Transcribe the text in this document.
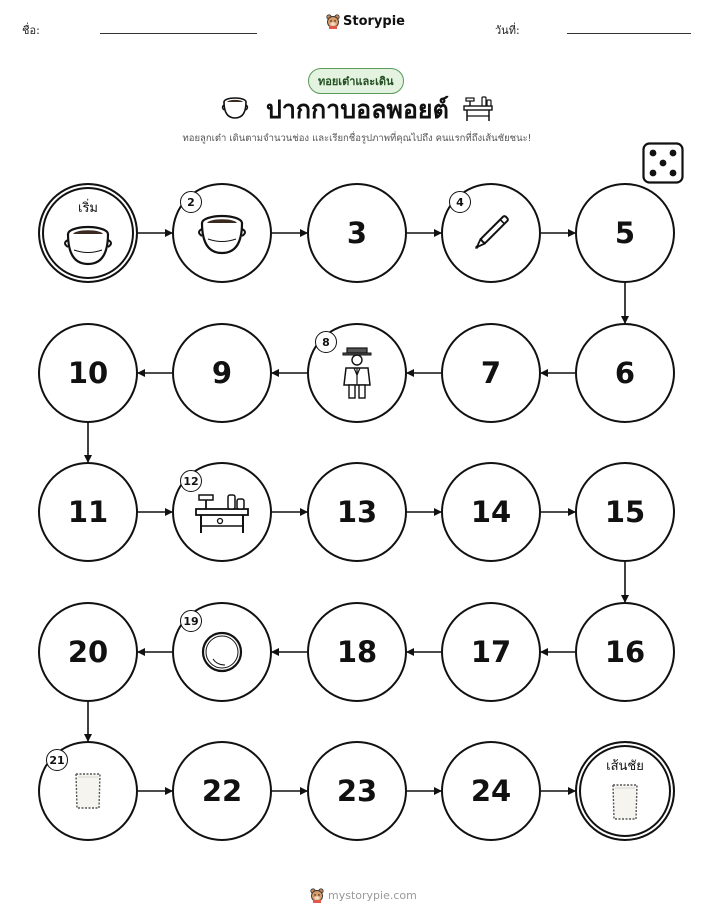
ชื่อ:
Storypie
วันที่:
ทอยเต๋าและเดิน
ปากกาบอลพอยต์
ทอยลูกเต๋า เดินตามจำนวนช่อง และเรียกชื่อรูปภาพที่คุณไปถึง คนแรกที่ถึงเส้นชัยชนะ!
เริ่ม	2
3
4
5
6
7
8
9
10
11
12
13	14	15
16
17
18
19
20
21
22	23	24
เส้นชัย
mystorypie.com
